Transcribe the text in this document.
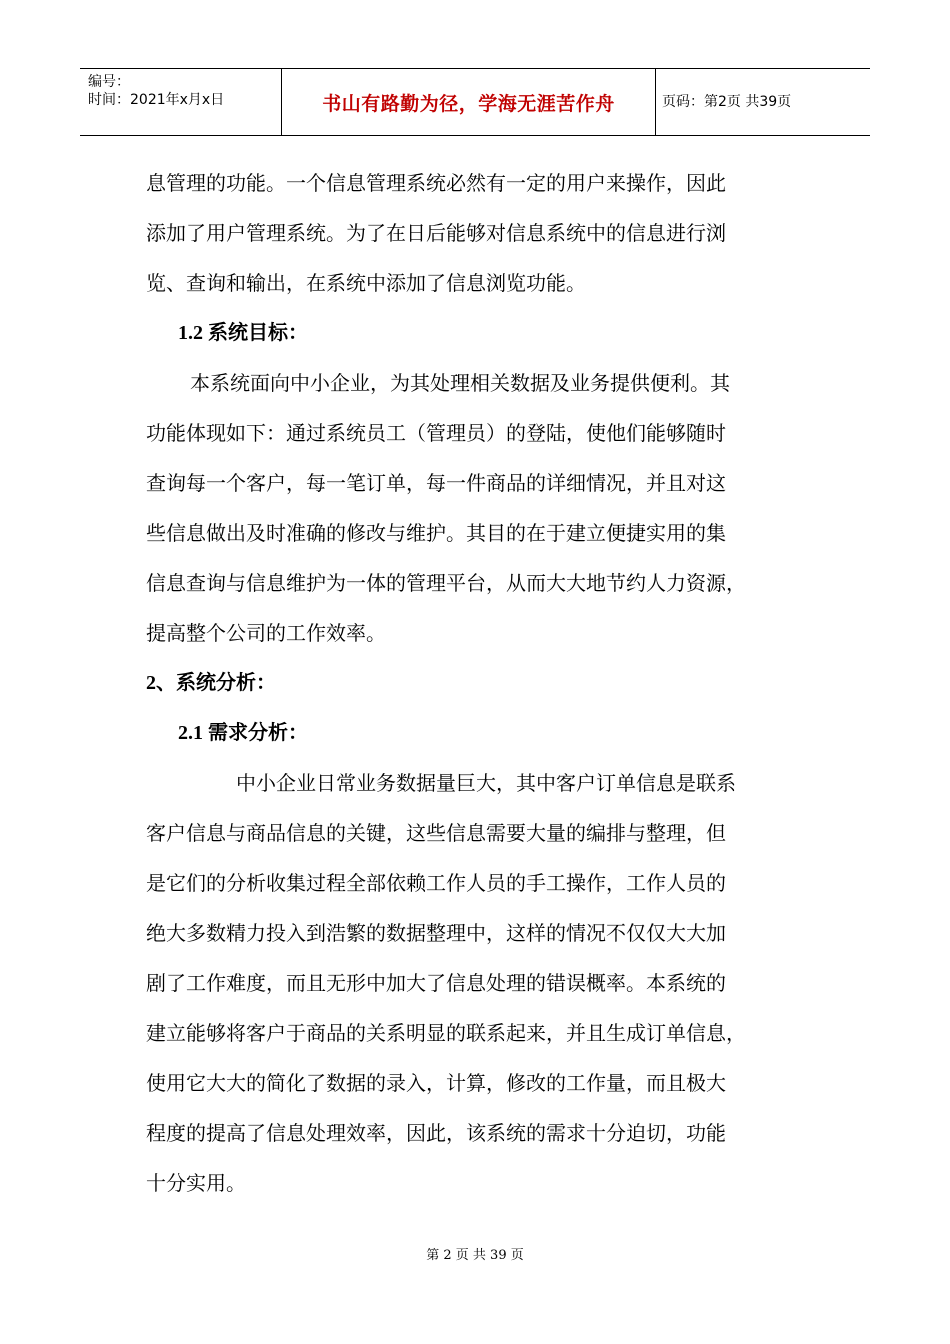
编号：
时间：2021年x月x日	书山有路勤为径，学海无涯苦作舟	页码：第2页 共39页
息管理的功能。一个信息管理系统必然有一定的用户来操作，因此
添加了用户管理系统。为了在日后能够对信息系统中的信息进行浏
览、查询和输出，在系统中添加了信息浏览功能。
1.2 系统目标：
本系统面向中小企业，为其处理相关数据及业务提供便利。其
功能体现如下：通过系统员工（管理员）的登陆，使他们能够随时
查询每一个客户，每一笔订单，每一件商品的详细情况，并且对这
些信息做出及时准确的修改与维护。其目的在于建立便捷实用的集
信息查询与信息维护为一体的管理平台，从而大大地节约人力资源，
提高整个公司的工作效率。
2、系统分析：
2.1 需求分析：
中小企业日常业务数据量巨大，其中客户订单信息是联系
客户信息与商品信息的关键，这些信息需要大量的编排与整理，但
是它们的分析收集过程全部依赖工作人员的手工操作，工作人员的
绝大多数精力投入到浩繁的数据整理中，这样的情况不仅仅大大加
剧了工作难度，而且无形中加大了信息处理的错误概率。本系统的
建立能够将客户于商品的关系明显的联系起来，并且生成订单信息，
使用它大大的简化了数据的录入，计算，修改的工作量，而且极大
程度的提高了信息处理效率，因此，该系统的需求十分迫切，功能
十分实用。
第 2 页 共 39 页
